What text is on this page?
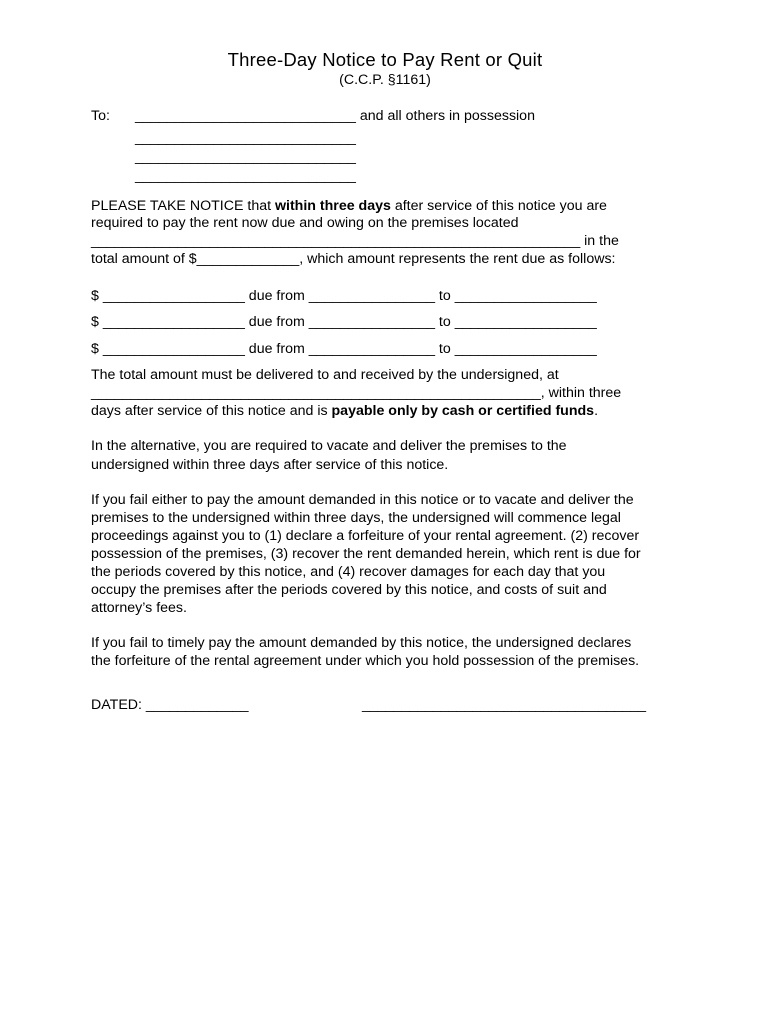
Three-Day Notice to Pay Rent or Quit
(C.C.P. §1161)
To: ____________________________ and all others in possession
____________________________
____________________________
____________________________
PLEASE TAKE NOTICE that within three days after service of this notice you are
required to pay the rent now due and owing on the premises located
______________________________________________________________ in the
total amount of $_____________, which amount represents the rent due as follows:
$ __________________ due from ________________ to __________________
$ __________________ due from ________________ to __________________
$ __________________ due from ________________ to __________________
The total amount must be delivered to and received by the undersigned, at
_________________________________________________________, within three
days after service of this notice and is payable only by cash or certified funds.
In the alternative, you are required to vacate and deliver the premises to the
undersigned within three days after service of this notice.
If you fail either to pay the amount demanded in this notice or to vacate and deliver the
premises to the undersigned within three days, the undersigned will commence legal
proceedings against you to (1) declare a forfeiture of your rental agreement. (2) recover
possession of the premises, (3) recover the rent demanded herein, which rent is due for
the periods covered by this notice, and (4) recover damages for each day that you
occupy the premises after the periods covered by this notice, and costs of suit and
attorney’s fees.
If you fail to timely pay the amount demanded by this notice, the undersigned declares
the forfeiture of the rental agreement under which you hold possession of the premises.
DATED: _____________	____________________________________
